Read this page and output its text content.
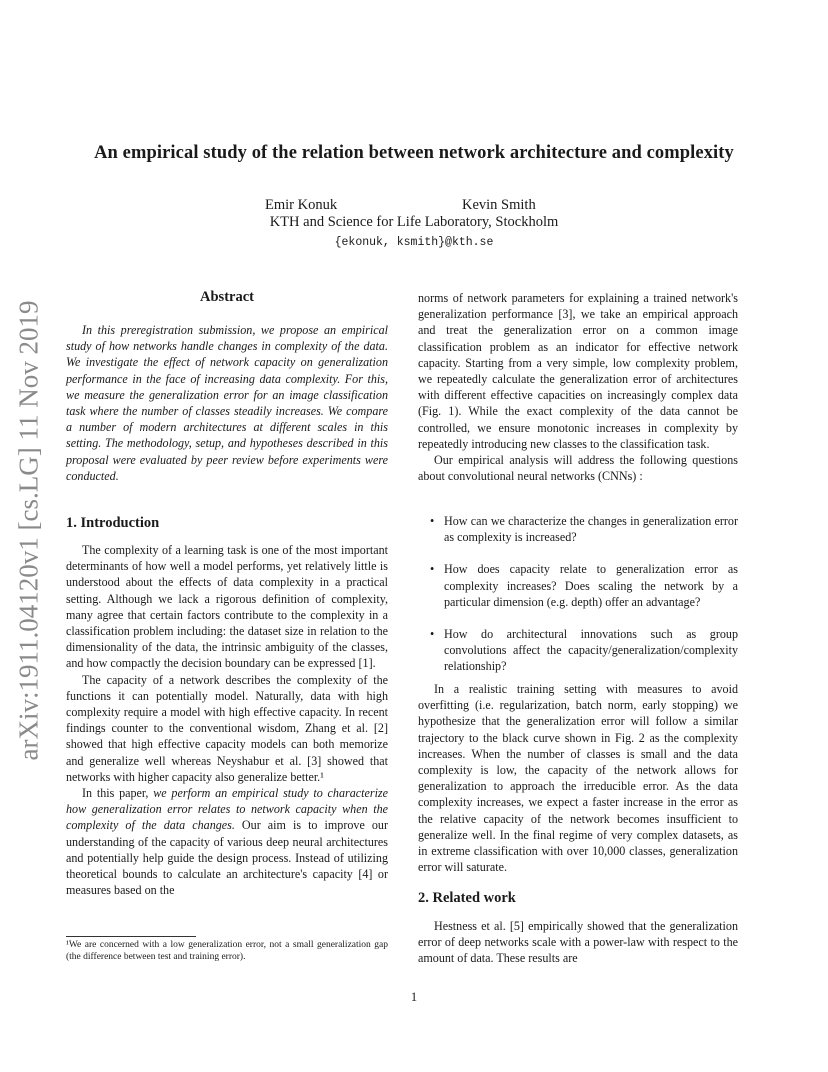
arXiv:1911.04120v1 [cs.LG] 11 Nov 2019
An empirical study of the relation between network architecture and complexity
Emir Konuk	Kevin Smith
KTH and Science for Life Laboratory, Stockholm
{ekonuk, ksmith}@kth.se
Abstract

In this preregistration submission, we propose an empirical study of how networks handle changes in complexity of the data. We investigate the effect of network capacity on generalization performance in the face of increasing data complexity. For this, we measure the generalization error for an image classification task where the number of classes steadily increases. We compare a number of modern architectures at different scales in this setting. The methodology, setup, and hypotheses described in this proposal were evaluated by peer review before experiments were conducted.

1. Introduction

The complexity of a learning task is one of the most important determinants of how well a model performs, yet relatively little is understood about the effects of data complexity in a practical setting. Although we lack a rigorous definition of complexity, many agree that certain factors contribute to the complexity in a classification problem including: the dataset size in relation to the dimensionality of the data, the intrinsic ambiguity of the classes, and how compactly the decision boundary can be expressed [1].

The capacity of a network describes the complexity of the functions it can potentially model. Naturally, data with high complexity require a model with high effective capacity. In recent findings counter to the conventional wisdom, Zhang et al. [2] showed that high effective capacity models can both memorize and generalize well whereas Neyshabur et al. [3] showed that networks with higher capacity also generalize better.¹

In this paper, we perform an empirical study to characterize how generalization error relates to network capacity when the complexity of the data changes. Our aim is to improve our understanding of the capacity of various deep neural architectures and potentially help guide the design process. Instead of utilizing theoretical bounds to calculate an architecture's capacity [4] or measures based on the

¹We are concerned with a low generalization error, not a small generalization gap (the difference between test and training error).

norms of network parameters for explaining a trained network's generalization performance [3], we take an empirical approach and treat the generalization error on a common image classification problem as an indicator for effective network capacity. Starting from a very simple, low complexity problem, we repeatedly calculate the generalization error of architectures with different effective capacities on increasingly complex data (Fig. 1). While the exact complexity of the data cannot be controlled, we ensure monotonic increases in complexity by repeatedly introducing new classes to the classification task.

Our empirical analysis will address the following questions about convolutional neural networks (CNNs) :

• How can we characterize the changes in generalization error as complexity is increased?
• How does capacity relate to generalization error as complexity increases? Does scaling the network by a particular dimension (e.g. depth) offer an advantage?
• How do architectural innovations such as group convolutions affect the capacity/generalization/complexity relationship?

In a realistic training setting with measures to avoid overfitting (i.e. regularization, batch norm, early stopping) we hypothesize that the generalization error will follow a similar trajectory to the black curve shown in Fig. 2 as the complexity increases. When the number of classes is small and the data complexity is low, the capacity of the network allows for generalization to approach the irreducible error. As the data complexity increases, we expect a faster increase in the error as the relative capacity of the network becomes insufficient to generalize well. In the final regime of very complex datasets, as in extreme classification with over 10,000 classes, generalization error will saturate.

2. Related work

Hestness et al. [5] empirically showed that the generalization error of deep networks scale with a power-law with respect to the amount of data. These results are

1
